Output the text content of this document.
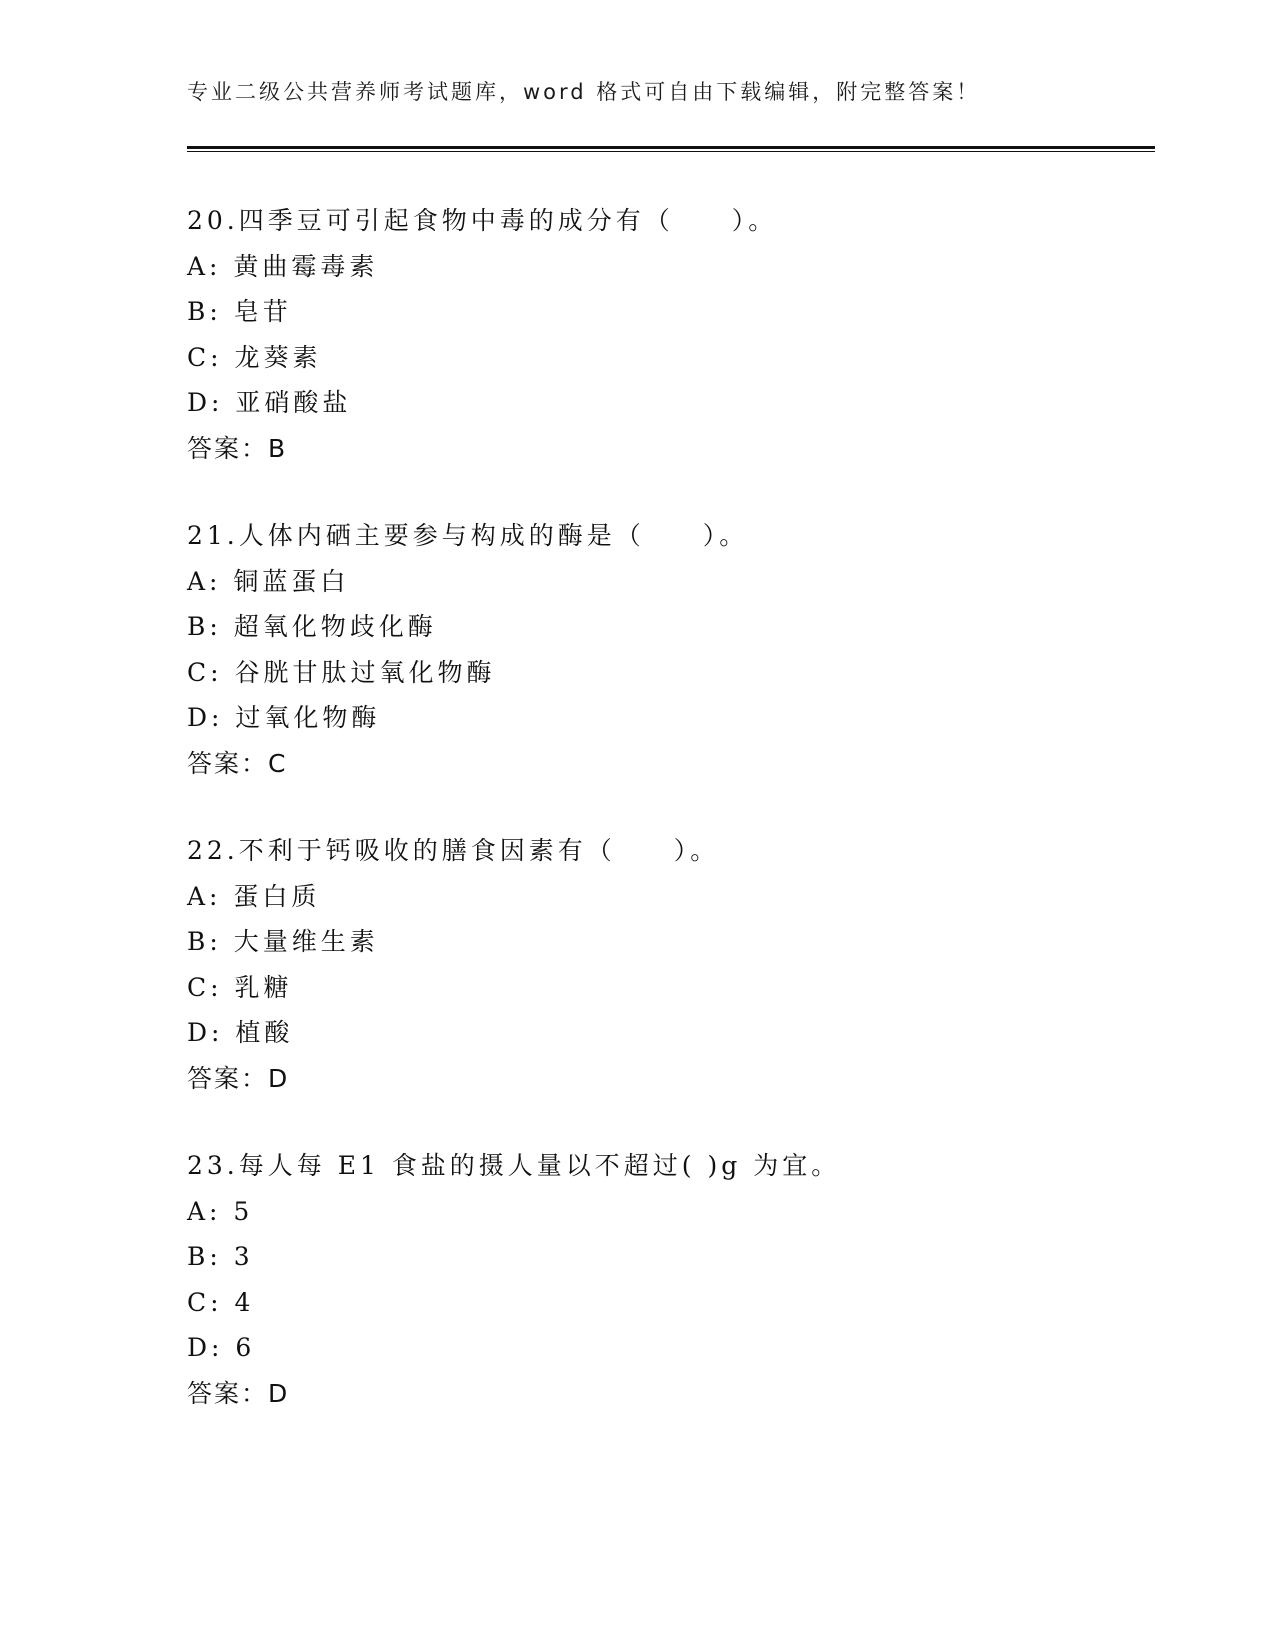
专业二级公共营养师考试题库，word 格式可自由下载编辑，附完整答案！
20.四季豆可引起食物中毒的成分有（　　）。
A: 黄曲霉毒素
B: 皂苷
C: 龙葵素
D: 亚硝酸盐
答案：B
21.人体内硒主要参与构成的酶是（　　）。
A: 铜蓝蛋白
B: 超氧化物歧化酶
C: 谷胱甘肽过氧化物酶
D: 过氧化物酶
答案：C
22.不利于钙吸收的膳食因素有（　　）。
A: 蛋白质
B: 大量维生素
C: 乳糖
D: 植酸
答案：D
23.每人每 E1 食盐的摄人量以不超过( )g 为宜。
A: 5
B: 3
C: 4
D: 6
答案：D
